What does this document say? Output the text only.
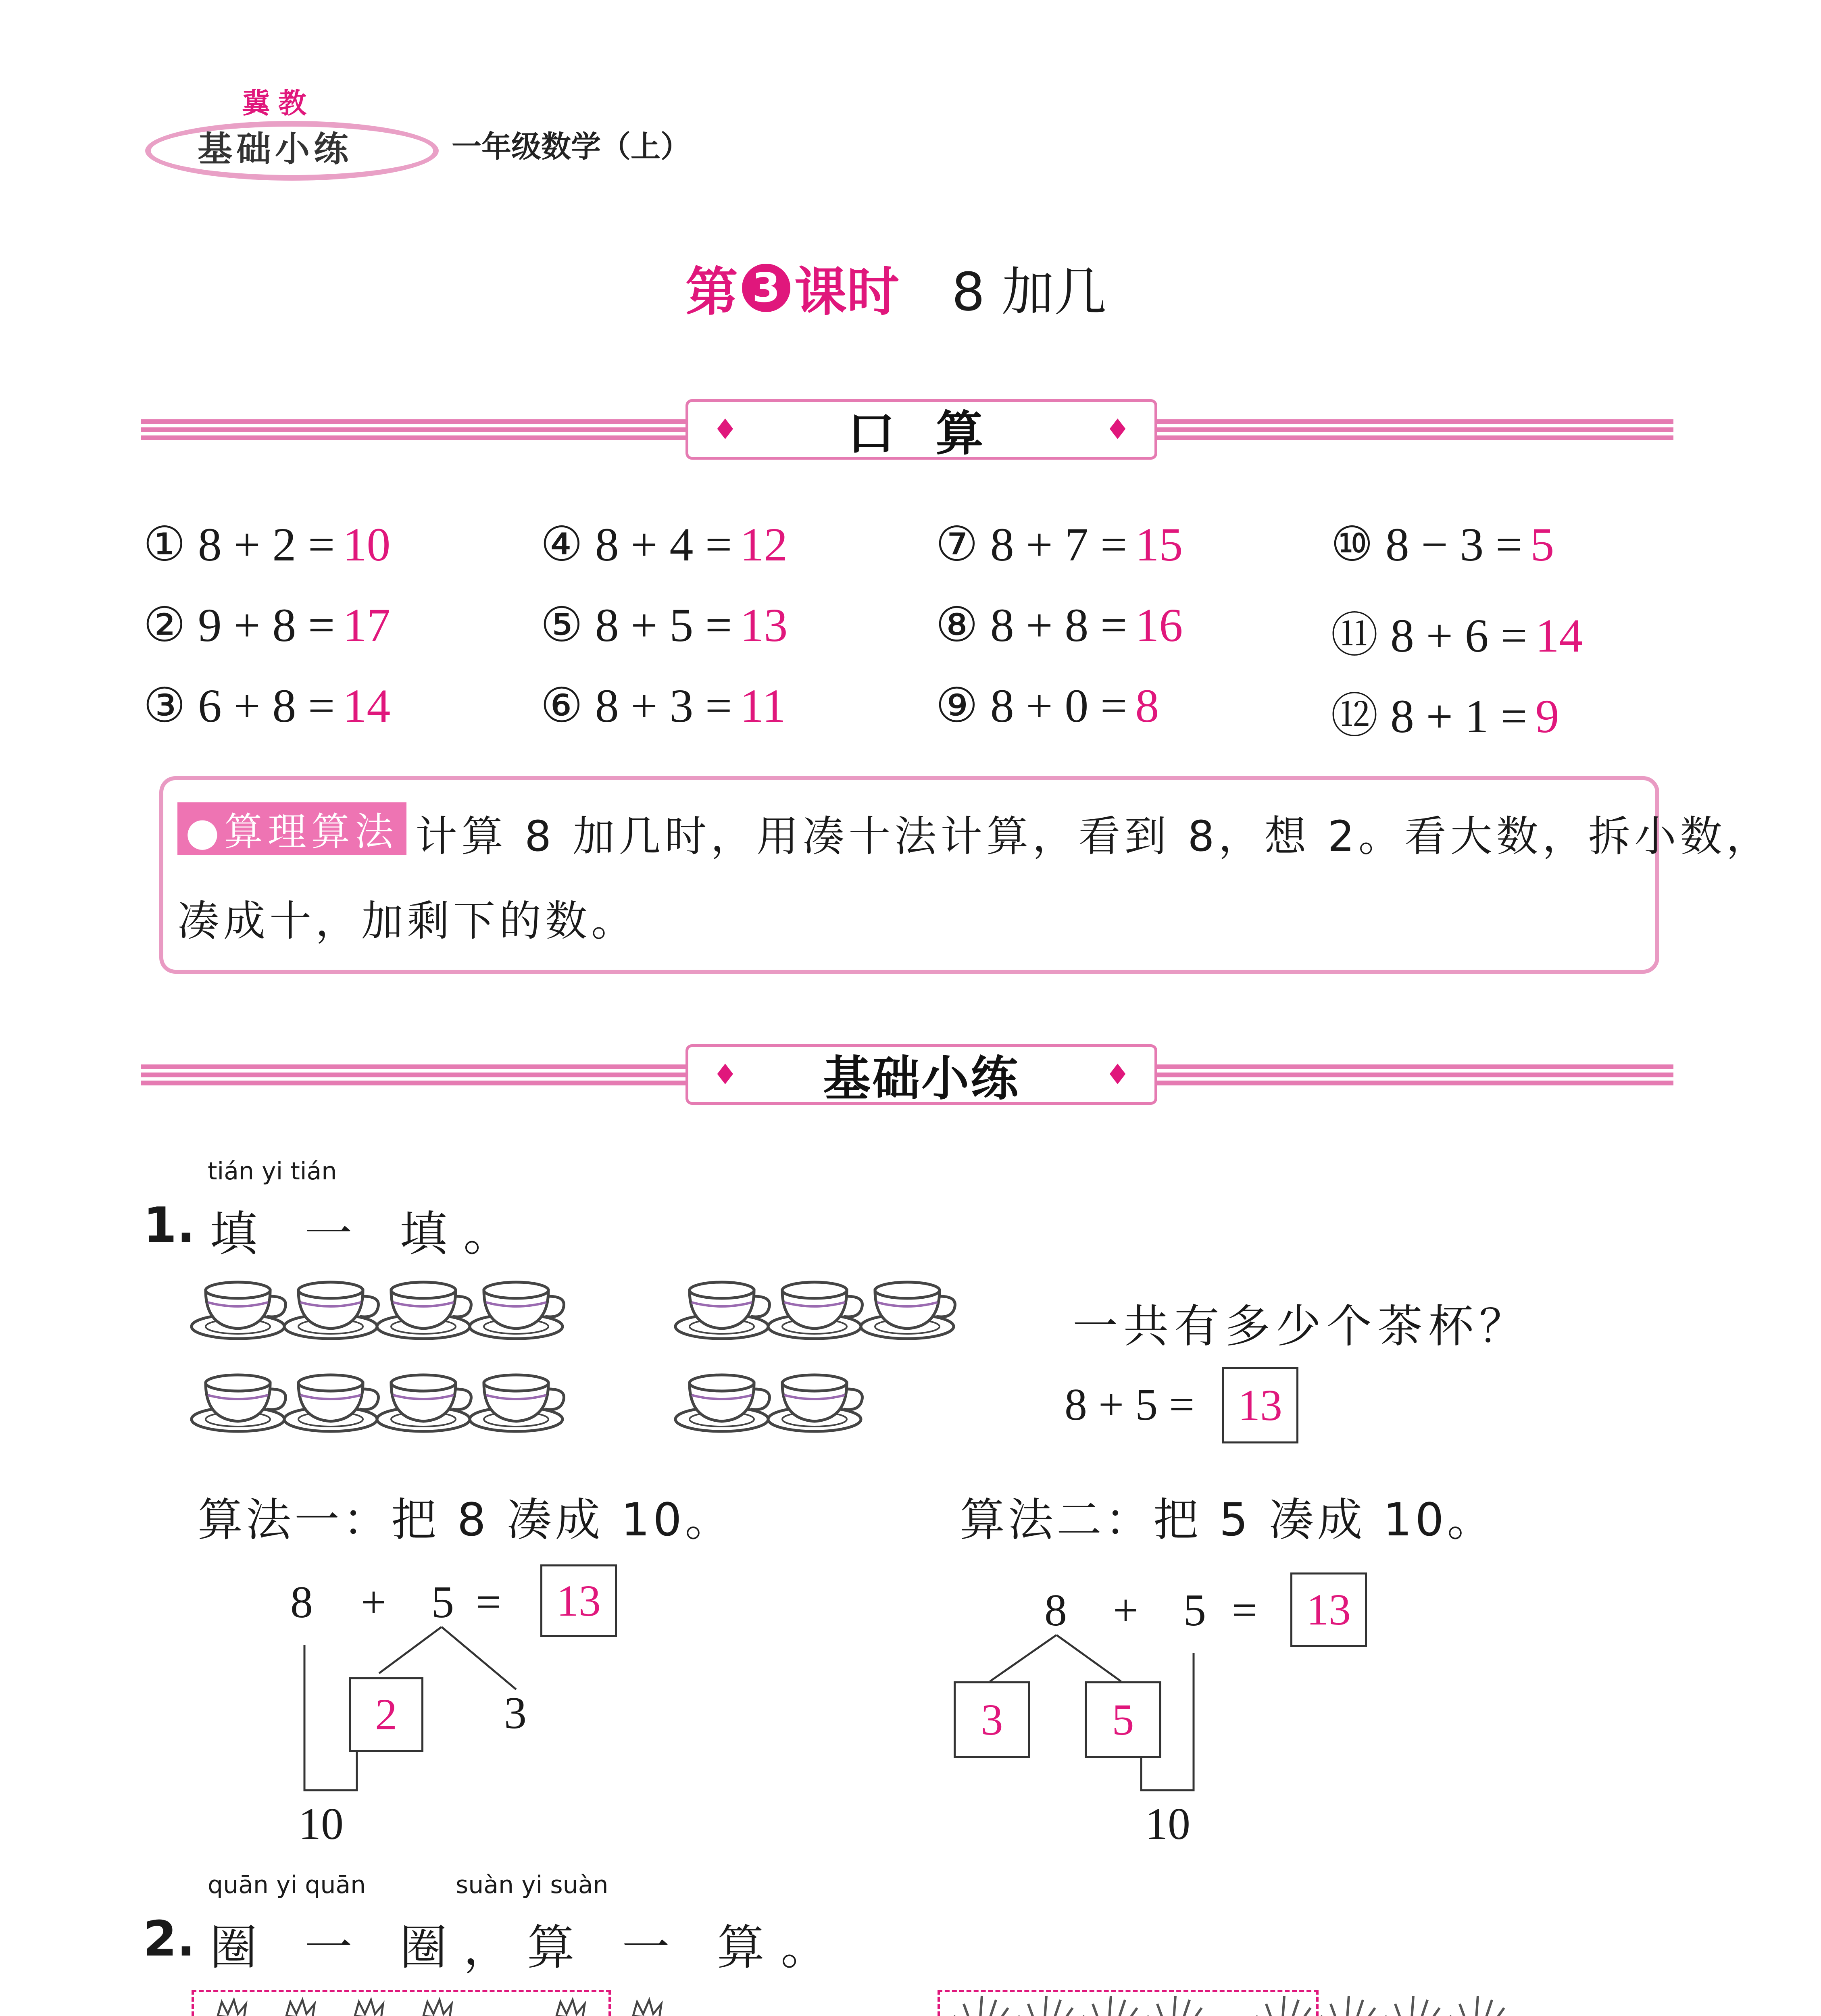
冀教
基础小练	一年级数学（上）
第 3 课时 8 加几
♦ 口 算	♦
① 8 + 2 = 10
② 9 + 8 = 17
③ 6 + 8 = 14
④ 8 + 4 = 12
⑤ 8 + 5 = 13
⑥ 8 + 3 = 11
⑦ 8 + 7 = 15
⑧ 8 + 8 = 16
⑨ 8 + 0 = 8
⑩ 8 − 3 = 5
⑪ 8 + 6 = 14
⑫ 8 + 1 = 9
●算理算法 计算 8 加几时，用凑十法计算，看到 8，想 2。看大数，拆小数，
凑成十，加剩下的数。
♦ 基础小练	♦
tián yi tián
1. 填 一 填。
一共有多少个茶杯？
8 + 5 = 13
算法一：把 8 凑成 10。
8 + 5 =	13
2	3
10
算法二：把 5 凑成 10。
8 + 5 =	13
3	5
10
quān yi quān	suàn yi suàn
2. 圈 一 圈，算 一 算。
